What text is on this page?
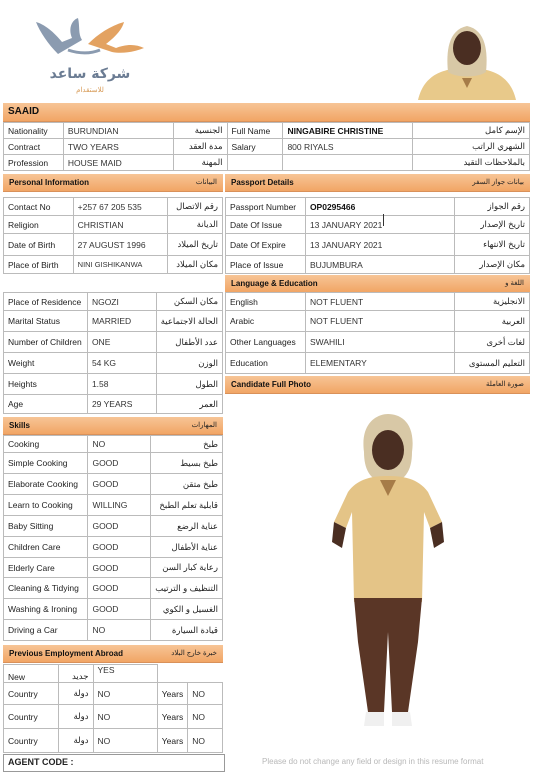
شركة ساعد
للاستقدام
SAAID
Nationality	BURUNDIAN	الجنسية	Full Name	NINGABIRE CHRISTINE	الإسم كامل
Contract	TWO YEARS	مدة العقد	Salary	800 RIYALS	الشهري الراتب
Profession	HOUSE MAID	المهنة			بالملاحظات التقيد
Personal Information	البيانات Passport Details	بيانات جواز السفر
Contact No	+257 67 205 535	رقم الاتصال
Religion	CHRISTIAN	الديانة
Date of Birth	27 AUGUST 1996	تاريخ الميلاد
Place of Birth	NINI GISHIKANWA	مكان الميلاد
Passport Number	OP0295466	رقم الجواز
Date Of Issue	13 JANUARY 2021	تاريخ الإصدار
Date Of Expire	13 JANUARY 2021	تاريخ الانتهاء
Place of Issue	BUJUMBURA	مكان الإصدار
Language & Education	اللغة و
Place of Residence	NGOZI	مكان السكن
Marital Status	MARRIED	الحالة الاجتماعية
Number of Children	ONE	عدد الأطفال
Weight	54 KG	الوزن
Heights	1.58	الطول
Age	29 YEARS	العمر
English	NOT FLUENT	الانجليزية
Arabic	NOT FLUENT	العربية
Other Languages	SWAHILI	لغات أخرى
Education	ELEMENTARY	التعليم المستوى
Candidate Full Photo	صورة العاملة
Skills	المهارات
Cooking	NO	طبخ
Simple Cooking	GOOD	طبخ بسيط
Elaborate Cooking	GOOD	طبخ متقن
Learn to Cooking	WILLING	قابلية تعلم الطبخ
Baby Sitting	GOOD	عناية الرضع
Children Care	GOOD	عناية الأطفال
Elderly Care	GOOD	رعاية كبار السن
Cleaning & Tidying	GOOD	التنظيف و الترتيب
Washing & Ironing	GOOD	الغسيل و الكوي
Driving a Car	NO	قيادة السيارة
Previous Employment Abroad	خبرة خارج البلاد
New	جديد	YES		
Country	دولة	NO	Years	NO
Country	دولة	NO	Years	NO
Country	دولة	NO	Years	NO
AGENT CODE :	Please do not change any field or design in this resume format
